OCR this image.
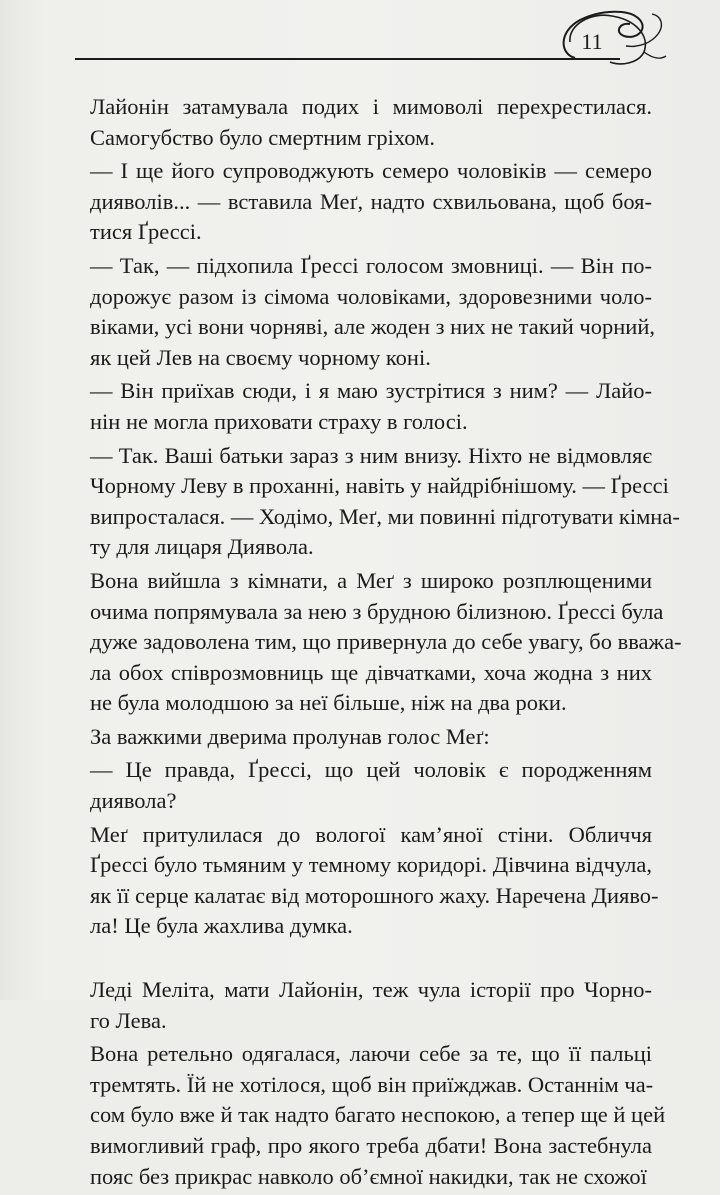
11

Лайонін затамувала подих і мимоволі перехрестилася.
Самогубство було смертним гріхом.

— І ще його супроводжують семеро чоловіків — семеро
дияволів... — вставила Меґ, надто схвильована, щоб боя-
тися Ґрессі.

— Так, — підхопила Ґрессі голосом змовниці. — Він по-
дорожує разом із сімома чоловіками, здоровезними чоло-
віками, усі вони чорняві, але жоден з них не такий чорний,
як цей Лев на своєму чорному коні.

— Він приїхав сюди, і я маю зустрітися з ним? — Лайо-
нін не могла приховати страху в голосі.

— Так. Ваші батьки зараз з ним внизу. Ніхто не відмовляє
Чорному Леву в проханні, навіть у найдрібнішому. — Ґрессі
випросталася. — Ходімо, Меґ, ми повинні підготувати кімна-
ту для лицаря Диявола.

Вона вийшла з кімнати, а Меґ з широко розплющеними
очима попрямувала за нею з брудною білизною. Ґрессі була
дуже задоволена тим, що привернула до себе увагу, бо вважа-
ла обох співрозмовниць ще дівчатками, хоча жодна з них
не була молодшою за неї більше, ніж на два роки.

За важкими дверима пролунав голос Меґ:

— Це правда, Ґрессі, що цей чоловік є породженням
диявола?

Меґ притулилася до вологої кам’яної стіни. Обличчя
Ґрессі було тьмяним у темному коридорі. Дівчина відчула,
як її серце калатає від моторошного жаху. Наречена Дияво-
ла! Це була жахлива думка.

Леді Меліта, мати Лайонін, теж чула історії про Чорно-
го Лева.

Вона ретельно одягалася, лаючи себе за те, що її пальці
тремтять. Їй не хотілося, щоб він приїжджав. Останнім ча-
сом було вже й так надто багато неспокою, а тепер ще й цей
вимогливий граф, про якого треба дбати! Вона застебнула
пояс без прикрас навколо об’ємної накидки, так не схожої
